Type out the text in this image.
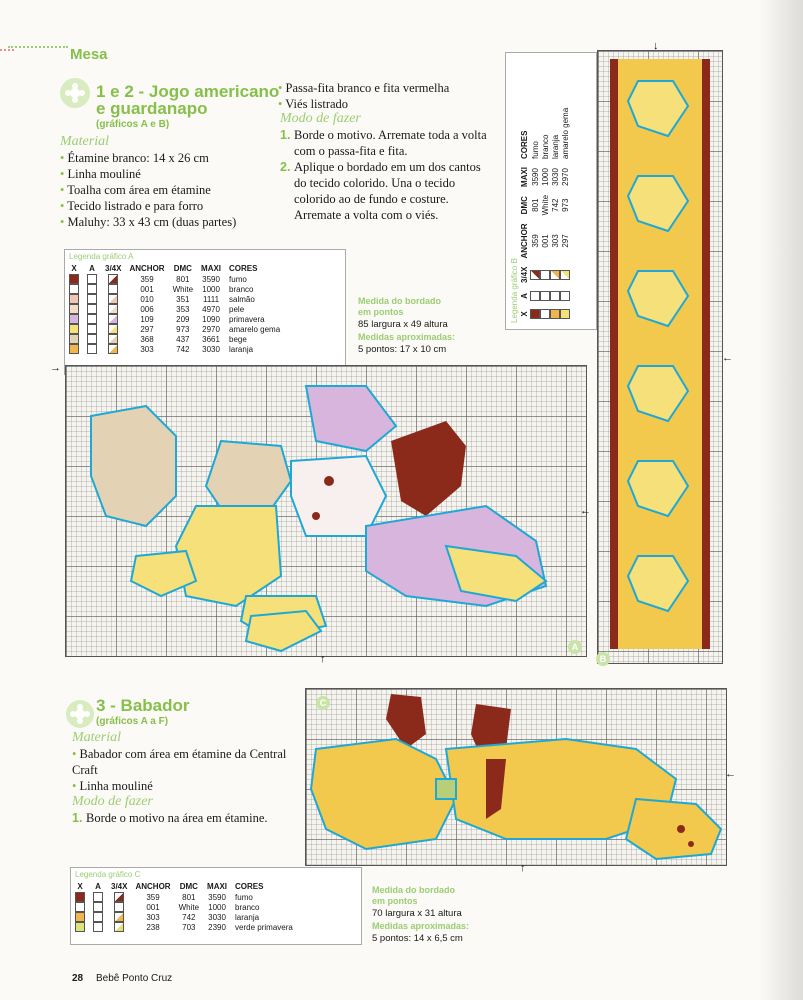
Mesa
1 e 2 - Jogo americano
e guardanapo
(gráficos A e B)
Material
• Étamine branco: 14 x 26 cm
• Linha mouliné
• Toalha com área em étamine
• Tecido listrado e para forro
• Maluhy: 33 x 43 cm (duas partes)
• Passa-fita branco e fita vermelha
• Viés listrado
Modo de fazer
1. Borde o motivo. Arremate toda a volta com o passa-fita e fita.
2. Aplique o bordado em um dos cantos do tecido colorido. Una o tecido colorido ao de fundo e costure. Arremate a volta com o viés.
Legenda gráfico A
X	A	3/4X	ANCHOR	DMC	MAXI	CORES
			359	801	3590	fumo
			001	White	1000	branco
			010	351	1111	salmão
			006	353	4970	pele
			109	209	1090	primavera
			297	973	2970	amarelo gema
			368	437	3661	bege
			303	742	3030	laranja
Medida do bordado
em pontos
85 largura x 49 altura
Medidas aproximadas:
5 pontos: 17 x 10 cm
Legenda gráfico B X	A	3/4X	ANCHOR	DMC	MAXI	CORES
			359	801	3590	fumo
			001	White	1000	branco
			303	742	3030	laranja
			297	973	2970	amarelo gema
→
←
↑
A
↓
←
B
3 - Babador
(gráficos A a F)
Material
• Babador com área em étamine da Central Craft
• Linha mouliné
Modo de fazer
1. Borde o motivo na área em étamine.
←
↑
C
Legenda gráfico C
X	A	3/4X	ANCHOR	DMC	MAXI	CORES
			359	801	3590	fumo
			001	White	1000	branco
			303	742	3030	laranja
			238	703	2390	verde primavera
Medida do bordado
em pontos
70 largura x 31 altura
Medidas aproximadas:
5 pontos: 14 x 6,5 cm
28 Bebê Ponto Cruz
